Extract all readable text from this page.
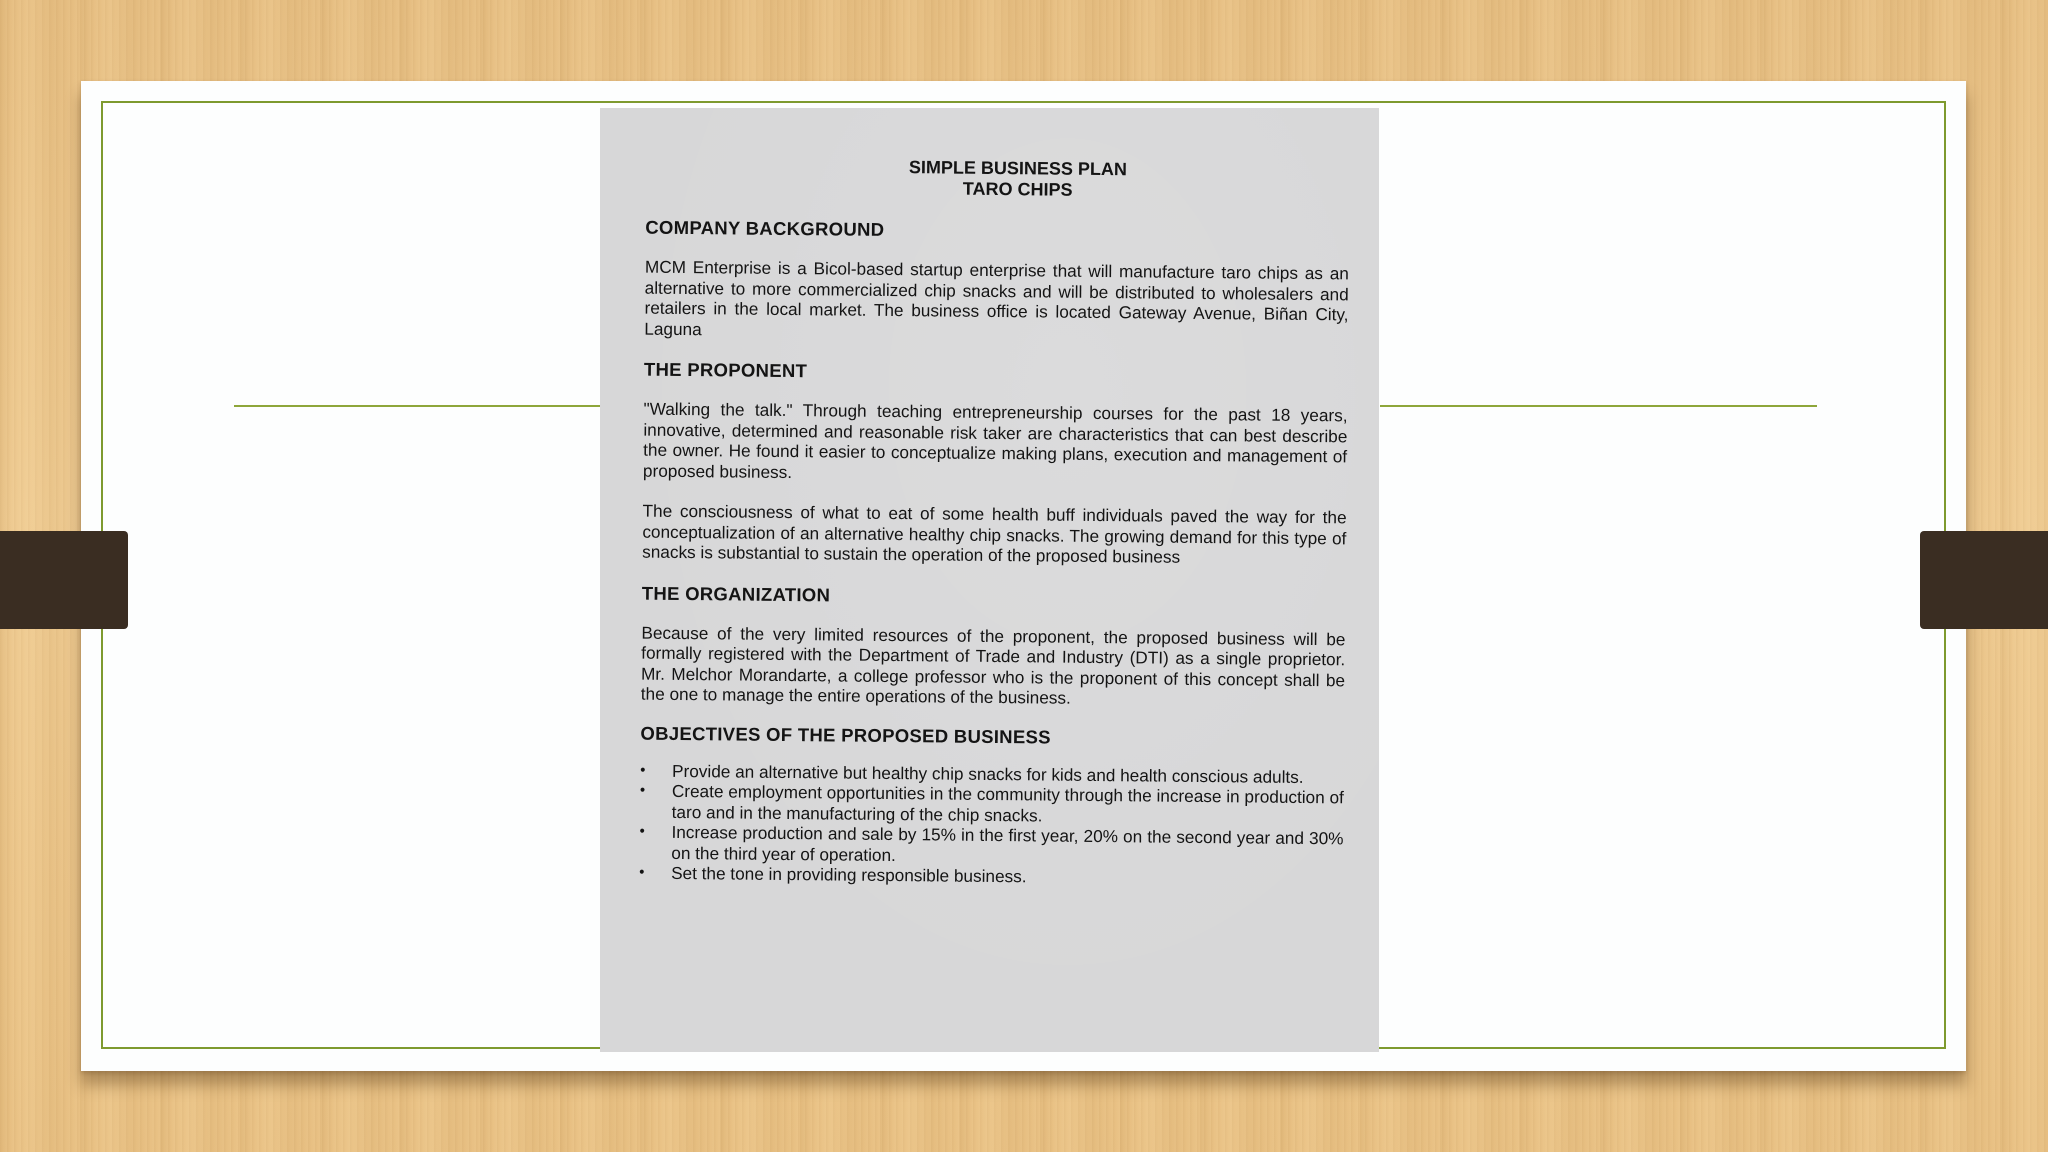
SIMPLE BUSINESS PLAN
TARO CHIPS
COMPANY BACKGROUND

MCM Enterprise is a Bicol-based startup enterprise that will manufacture taro chips as an alternative to more commercialized chip snacks and will be distributed to wholesalers and retailers in the local market. The business office is located Gateway Avenue, Biñan City, Laguna

THE PROPONENT

"Walking the talk." Through teaching entrepreneurship courses for the past 18 years, innovative, determined and reasonable risk taker are characteristics that can best describe the owner. He found it easier to conceptualize making plans, execution and management of proposed business.

The consciousness of what to eat of some health buff individuals paved the way for the conceptualization of an alternative healthy chip snacks. The growing demand for this type of snacks is substantial to sustain the operation of the proposed business

THE ORGANIZATION

Because of the very limited resources of the proponent, the proposed business will be formally registered with the Department of Trade and Industry (DTI) as a single proprietor. Mr. Melchor Morandarte, a college professor who is the proponent of this concept shall be the one to manage the entire operations of the business.

OBJECTIVES OF THE PROPOSED BUSINESS
• Provide an alternative but healthy chip snacks for kids and health conscious adults.
• Create employment opportunities in the community through the increase in production of taro and in the manufacturing of the chip snacks.
• Increase production and sale by 15% in the first year, 20% on the second year and 30% on the third year of operation.
• Set the tone in providing responsible business.
